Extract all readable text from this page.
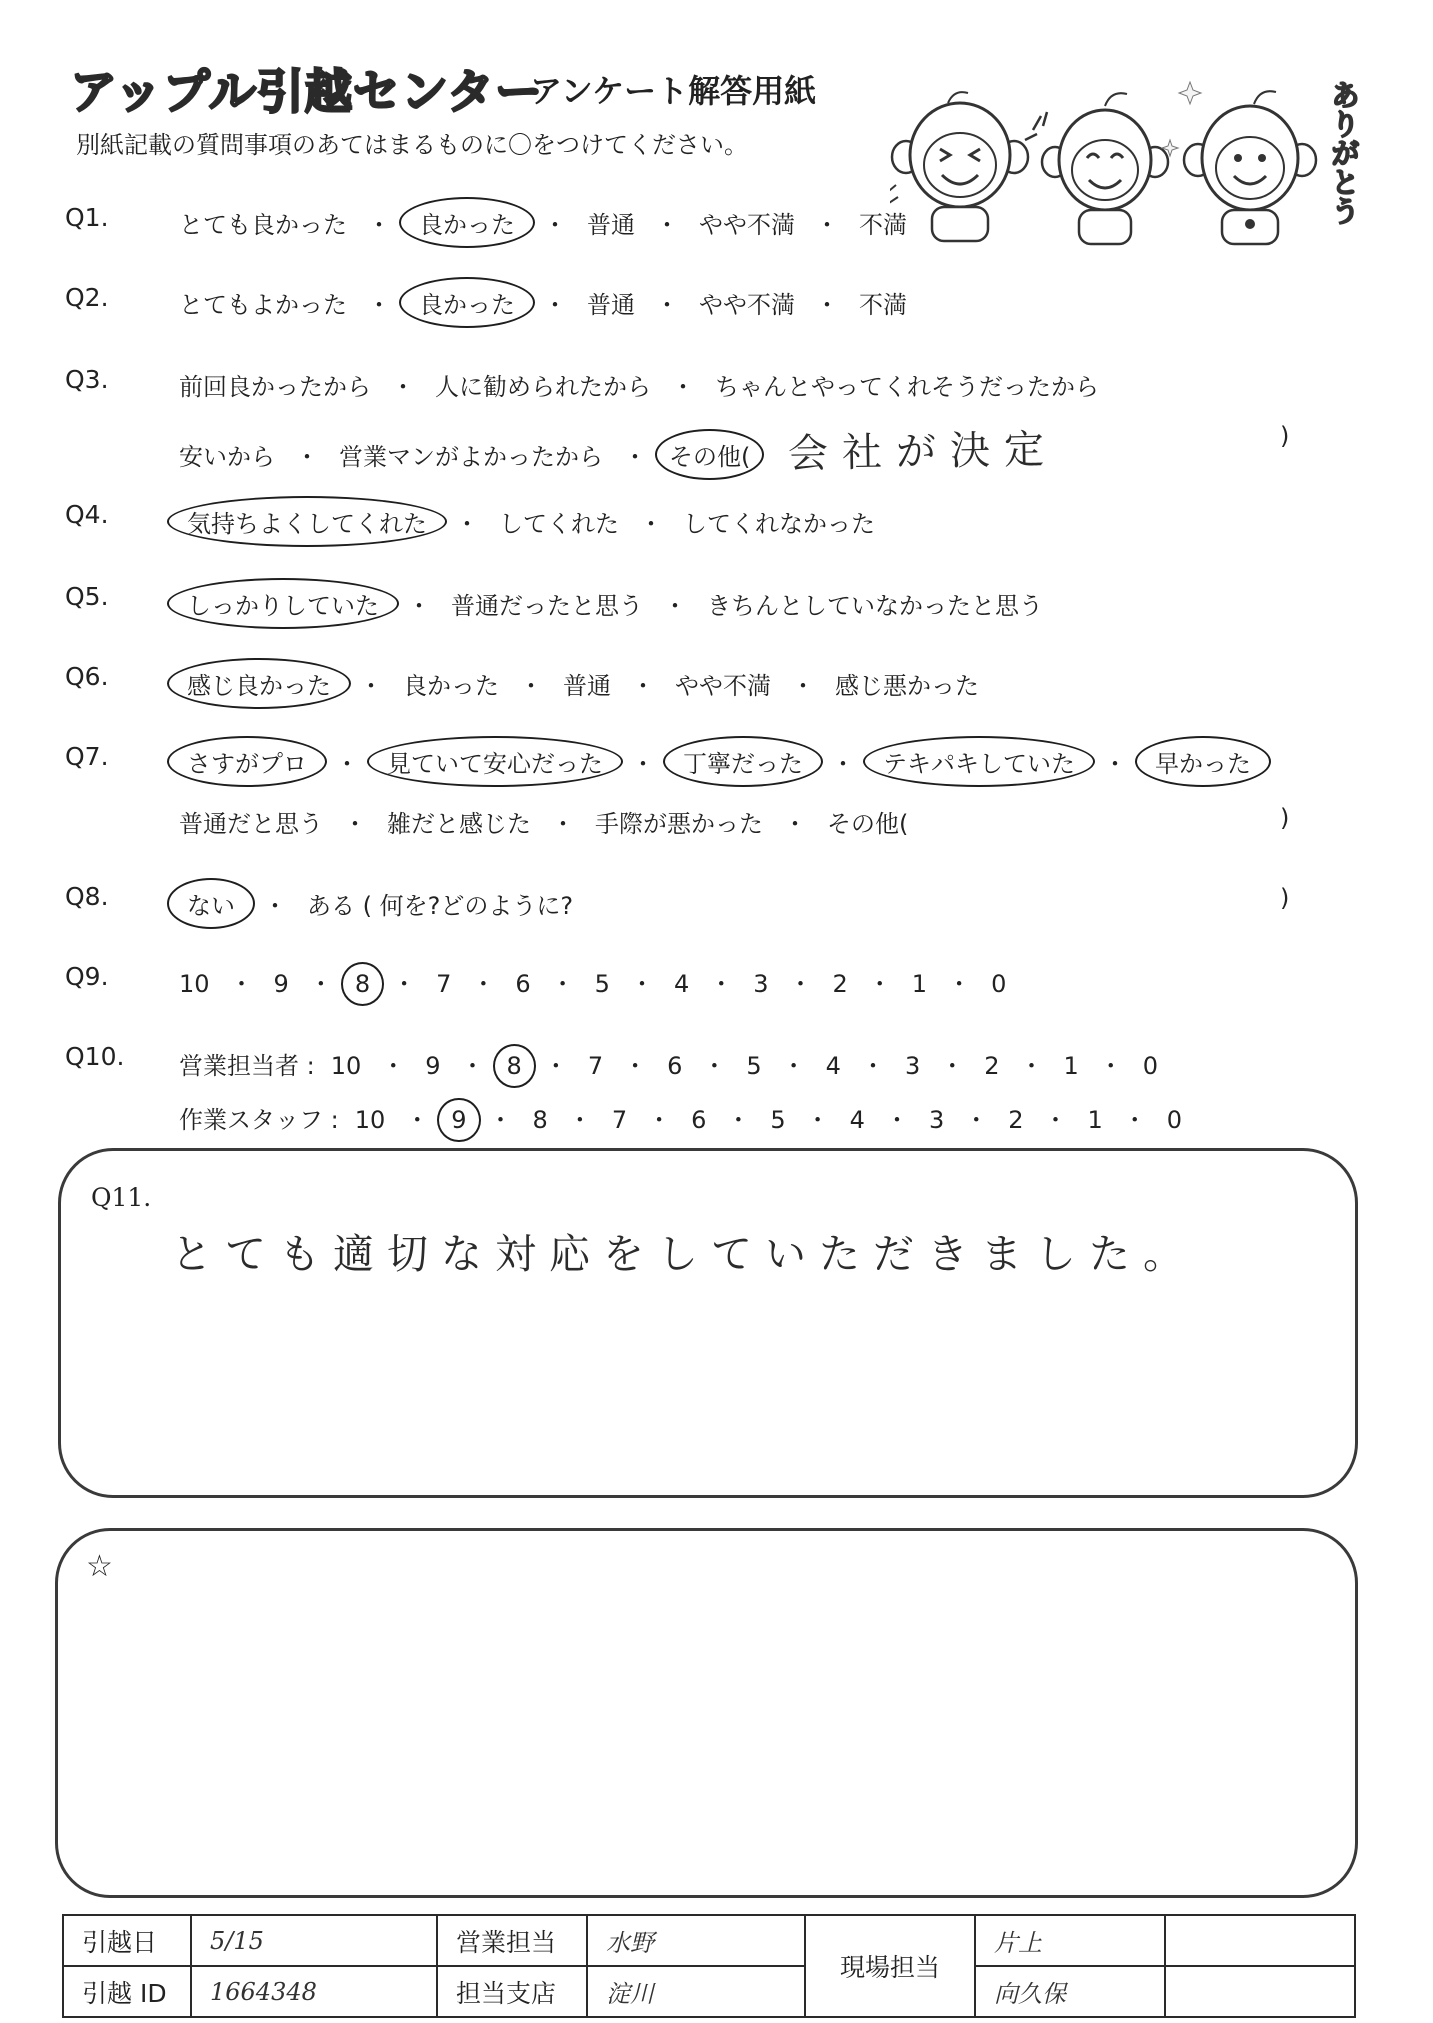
アップル引越センター
アンケート解答用紙
別紙記載の質問事項のあてはまるものに〇をつけてください。	ありがとう
Q1.	とても良かった ・ 良かった ・ 普通 ・ やや不満 ・ 不満
Q2.	とてもよかった ・ 良かった ・ 普通 ・ やや不満 ・ 不満
Q3.	前回良かったから ・ 人に勧められたから ・ ちゃんとやってくれそうだったから
安いから ・ 営業マンがよかったから ・ その他( 会社が決定	)
Q4.	気持ちよくしてくれた ・ してくれた ・ してくれなかった
Q5.	しっかりしていた ・ 普通だったと思う ・ きちんとしていなかったと思う
Q6.	感じ良かった ・ 良かった ・ 普通 ・ やや不満 ・ 感じ悪かった
Q7.	さすがプロ ・ 見ていて安心だった ・ 丁寧だった ・ テキパキしていた ・ 早かった
普通だと思う ・ 雑だと感じた ・ 手際が悪かった ・ その他(	)
Q8.	ない ・ ある ( 何を?どのように?	)
Q9.	10 ・ 9 ・ 8 ・ 7 ・ 6 ・ 5 ・ 4 ・ 3 ・ 2 ・ 1 ・ 0
Q10. 営業担当者 : 10 ・ 9 ・ 8 ・ 7 ・ 6 ・ 5 ・ 4 ・ 3 ・ 2 ・ 1 ・ 0
作業スタッフ : 10 ・ 9 ・ 8 ・ 7 ・ 6 ・ 5 ・ 4 ・ 3 ・ 2 ・ 1 ・ 0
Q11.
とても適切な対応をしていただきました。
☆
引越日	5/15	営業担当	水野	現場担当	片上	
引越 ID	1664348	担当支店	淀川		向久保	
